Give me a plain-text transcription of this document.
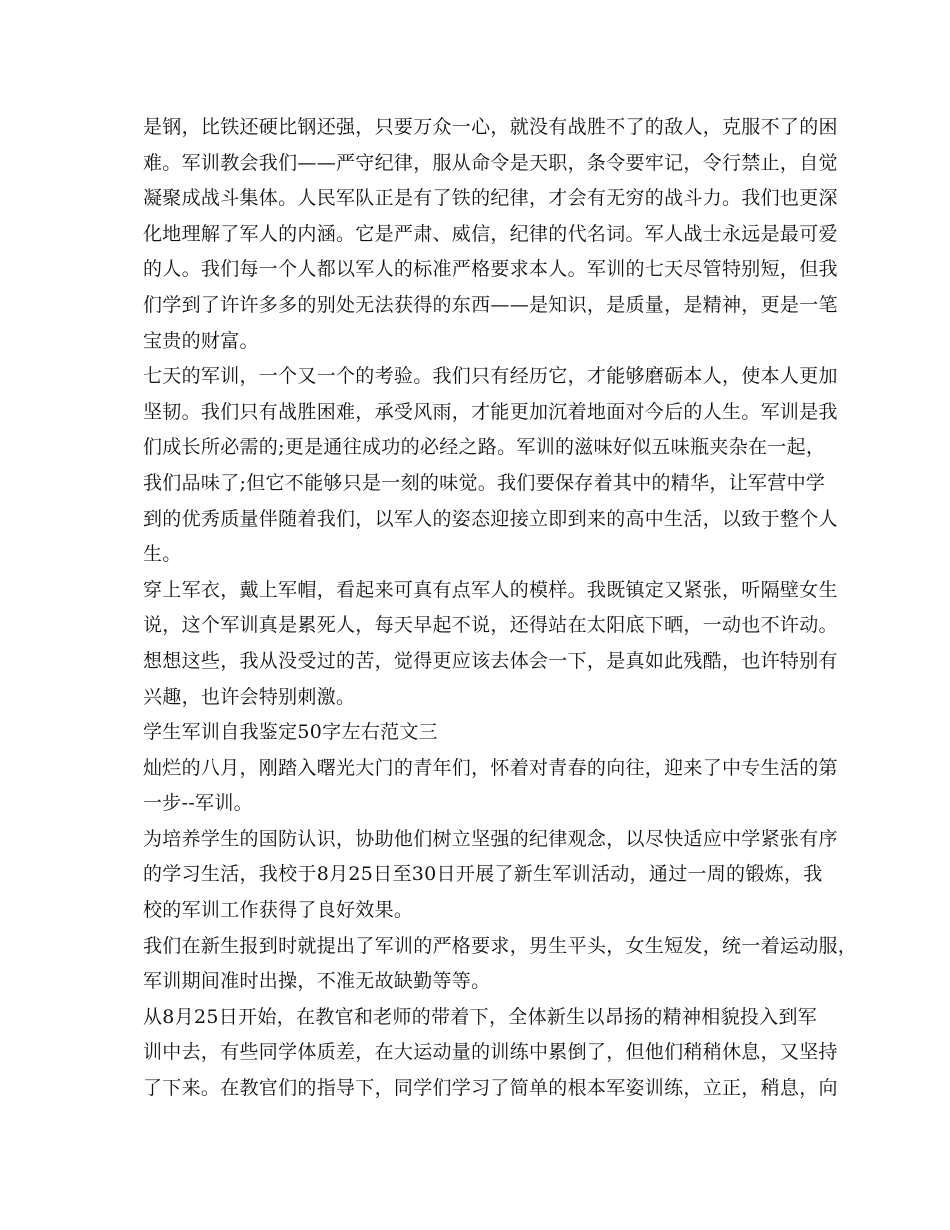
是钢，比铁还硬比钢还强，只要万众一心，就没有战胜不了的敌人，克服不了的困
难。军训教会我们——严守纪律，服从命令是天职，条令要牢记，令行禁止，自觉
凝聚成战斗集体。人民军队正是有了铁的纪律，才会有无穷的战斗力。我们也更深
化地理解了军人的内涵。它是严肃、威信，纪律的代名词。军人战士永远是最可爱
的人。我们每一个人都以军人的标准严格要求本人。军训的七天尽管特别短，但我
们学到了许许多多的别处无法获得的东西——是知识，是质量，是精神，更是一笔
宝贵的财富。
七天的军训，一个又一个的考验。我们只有经历它，才能够磨砺本人，使本人更加
坚韧。我们只有战胜困难，承受风雨，才能更加沉着地面对今后的人生。军训是我
们成长所必需的;更是通往成功的必经之路。军训的滋味好似五味瓶夹杂在一起，
我们品味了;但它不能够只是一刻的味觉。我们要保存着其中的精华，让军营中学
到的优秀质量伴随着我们，以军人的姿态迎接立即到来的高中生活，以致于整个人
生。
穿上军衣，戴上军帽，看起来可真有点军人的模样。我既镇定又紧张，听隔壁女生
说，这个军训真是累死人，每天早起不说，还得站在太阳底下晒，一动也不许动。
想想这些，我从没受过的苦，觉得更应该去体会一下，是真如此残酷，也许特别有
兴趣，也许会特别刺激。
学生军训自我鉴定50字左右范文三
灿烂的八月，刚踏入曙光大门的青年们，怀着对青春的向往，迎来了中专生活的第
一步--军训。
为培养学生的国防认识，协助他们树立坚强的纪律观念，以尽快适应中学紧张有序
的学习生活，我校于8月25日至30日开展了新生军训活动，通过一周的锻炼，我
校的军训工作获得了良好效果。
我们在新生报到时就提出了军训的严格要求，男生平头，女生短发，统一着运动服，
军训期间准时出操，不准无故缺勤等等。
从8月25日开始，在教官和老师的带着下，全体新生以昂扬的精神相貌投入到军
训中去，有些同学体质差，在大运动量的训练中累倒了，但他们稍稍休息，又坚持
了下来。在教官们的指导下，同学们学习了简单的根本军姿训练，立正，稍息，向
